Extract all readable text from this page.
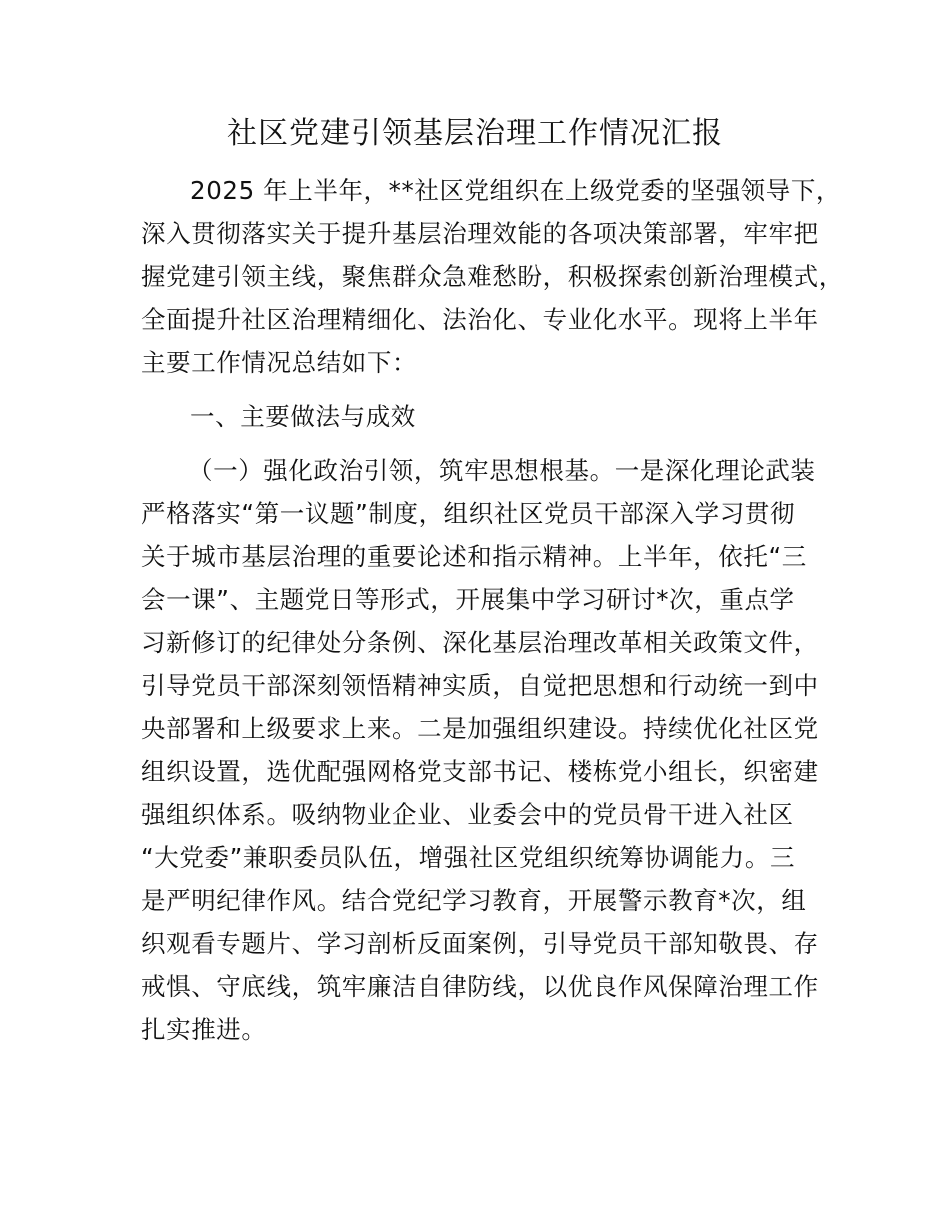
社区党建引领基层治理工作情况汇报
2025 年上半年，**社区党组织在上级党委的坚强领导下，
深入贯彻落实关于提升基层治理效能的各项决策部署，牢牢把
握党建引领主线，聚焦群众急难愁盼，积极探索创新治理模式，
全面提升社区治理精细化、法治化、专业化水平。现将上半年
主要工作情况总结如下：
一、主要做法与成效
（一）强化政治引领，筑牢思想根基。一是深化理论武装
严格落实“第一议题”制度，组织社区党员干部深入学习贯彻
关于城市基层治理的重要论述和指示精神。上半年，依托“三
会一课”、主题党日等形式，开展集中学习研讨*次，重点学
习新修订的纪律处分条例、深化基层治理改革相关政策文件，
引导党员干部深刻领悟精神实质，自觉把思想和行动统一到中
央部署和上级要求上来。二是加强组织建设。持续优化社区党
组织设置，选优配强网格党支部书记、楼栋党小组长，织密建
强组织体系。吸纳物业企业、业委会中的党员骨干进入社区
“大党委”兼职委员队伍，增强社区党组织统筹协调能力。三
是严明纪律作风。结合党纪学习教育，开展警示教育*次，组
织观看专题片、学习剖析反面案例，引导党员干部知敬畏、存
戒惧、守底线，筑牢廉洁自律防线，以优良作风保障治理工作
扎实推进。
